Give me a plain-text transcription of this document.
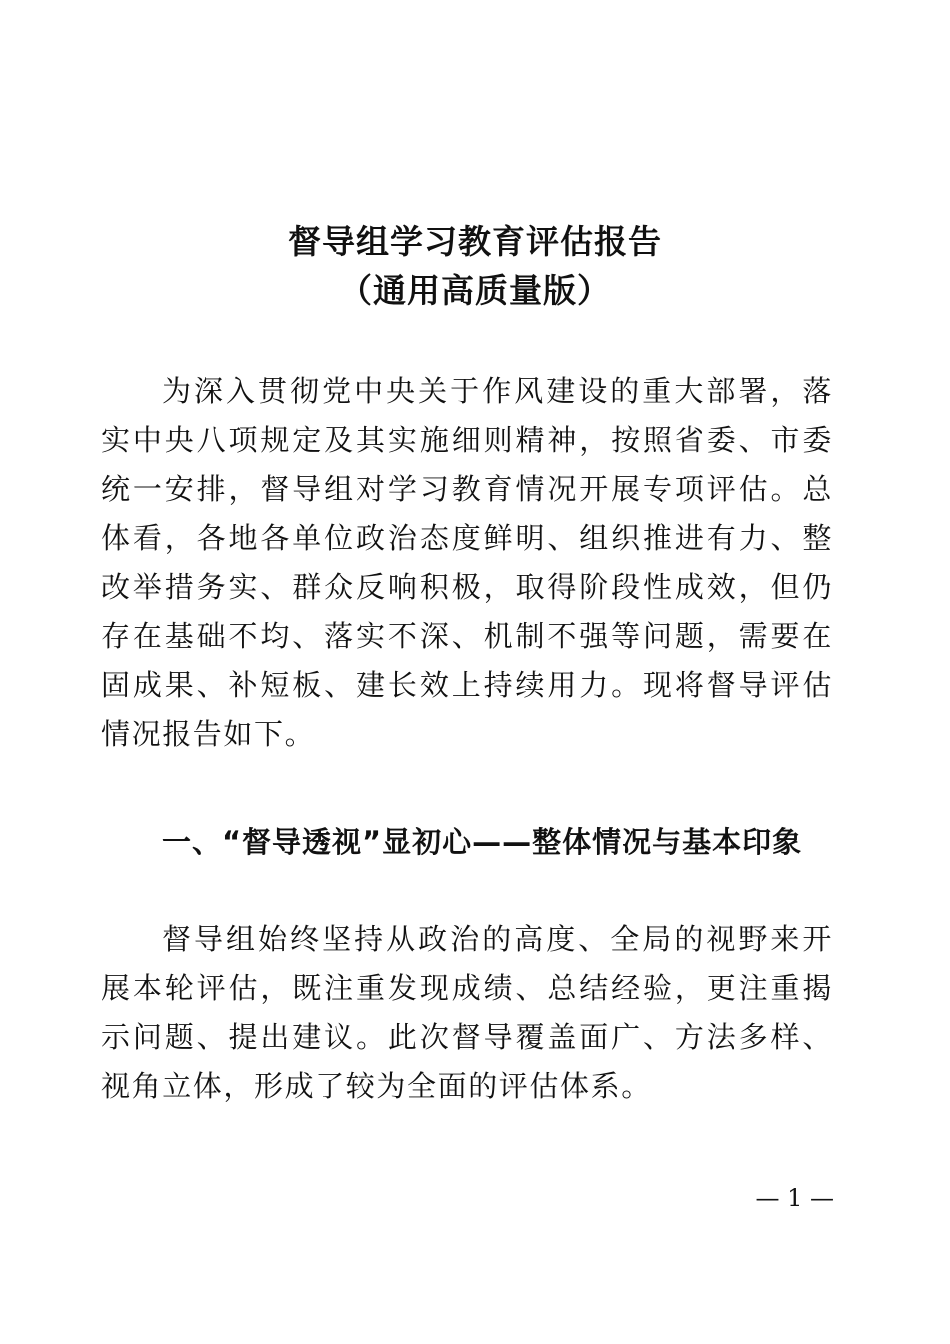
督导组学习教育评估报告
（通用高质量版）

为深入贯彻党中央关于作风建设的重大部署，落实中央八项规定及其实施细则精神，按照省委、市委统一安排，督导组对学习教育情况开展专项评估。总体看，各地各单位政治态度鲜明、组织推进有力、整改举措务实、群众反响积极，取得阶段性成效，但仍存在基础不均、落实不深、机制不强等问题，需要在固成果、补短板、建长效上持续用力。现将督导评估情况报告如下。

一、“督导透视”显初心——整体情况与基本印象

督导组始终坚持从政治的高度、全局的视野来开展本轮评估，既注重发现成绩、总结经验，更注重揭示问题、提出建议。此次督导覆盖面广、方法多样、视角立体，形成了较为全面的评估体系。

— 1 —
